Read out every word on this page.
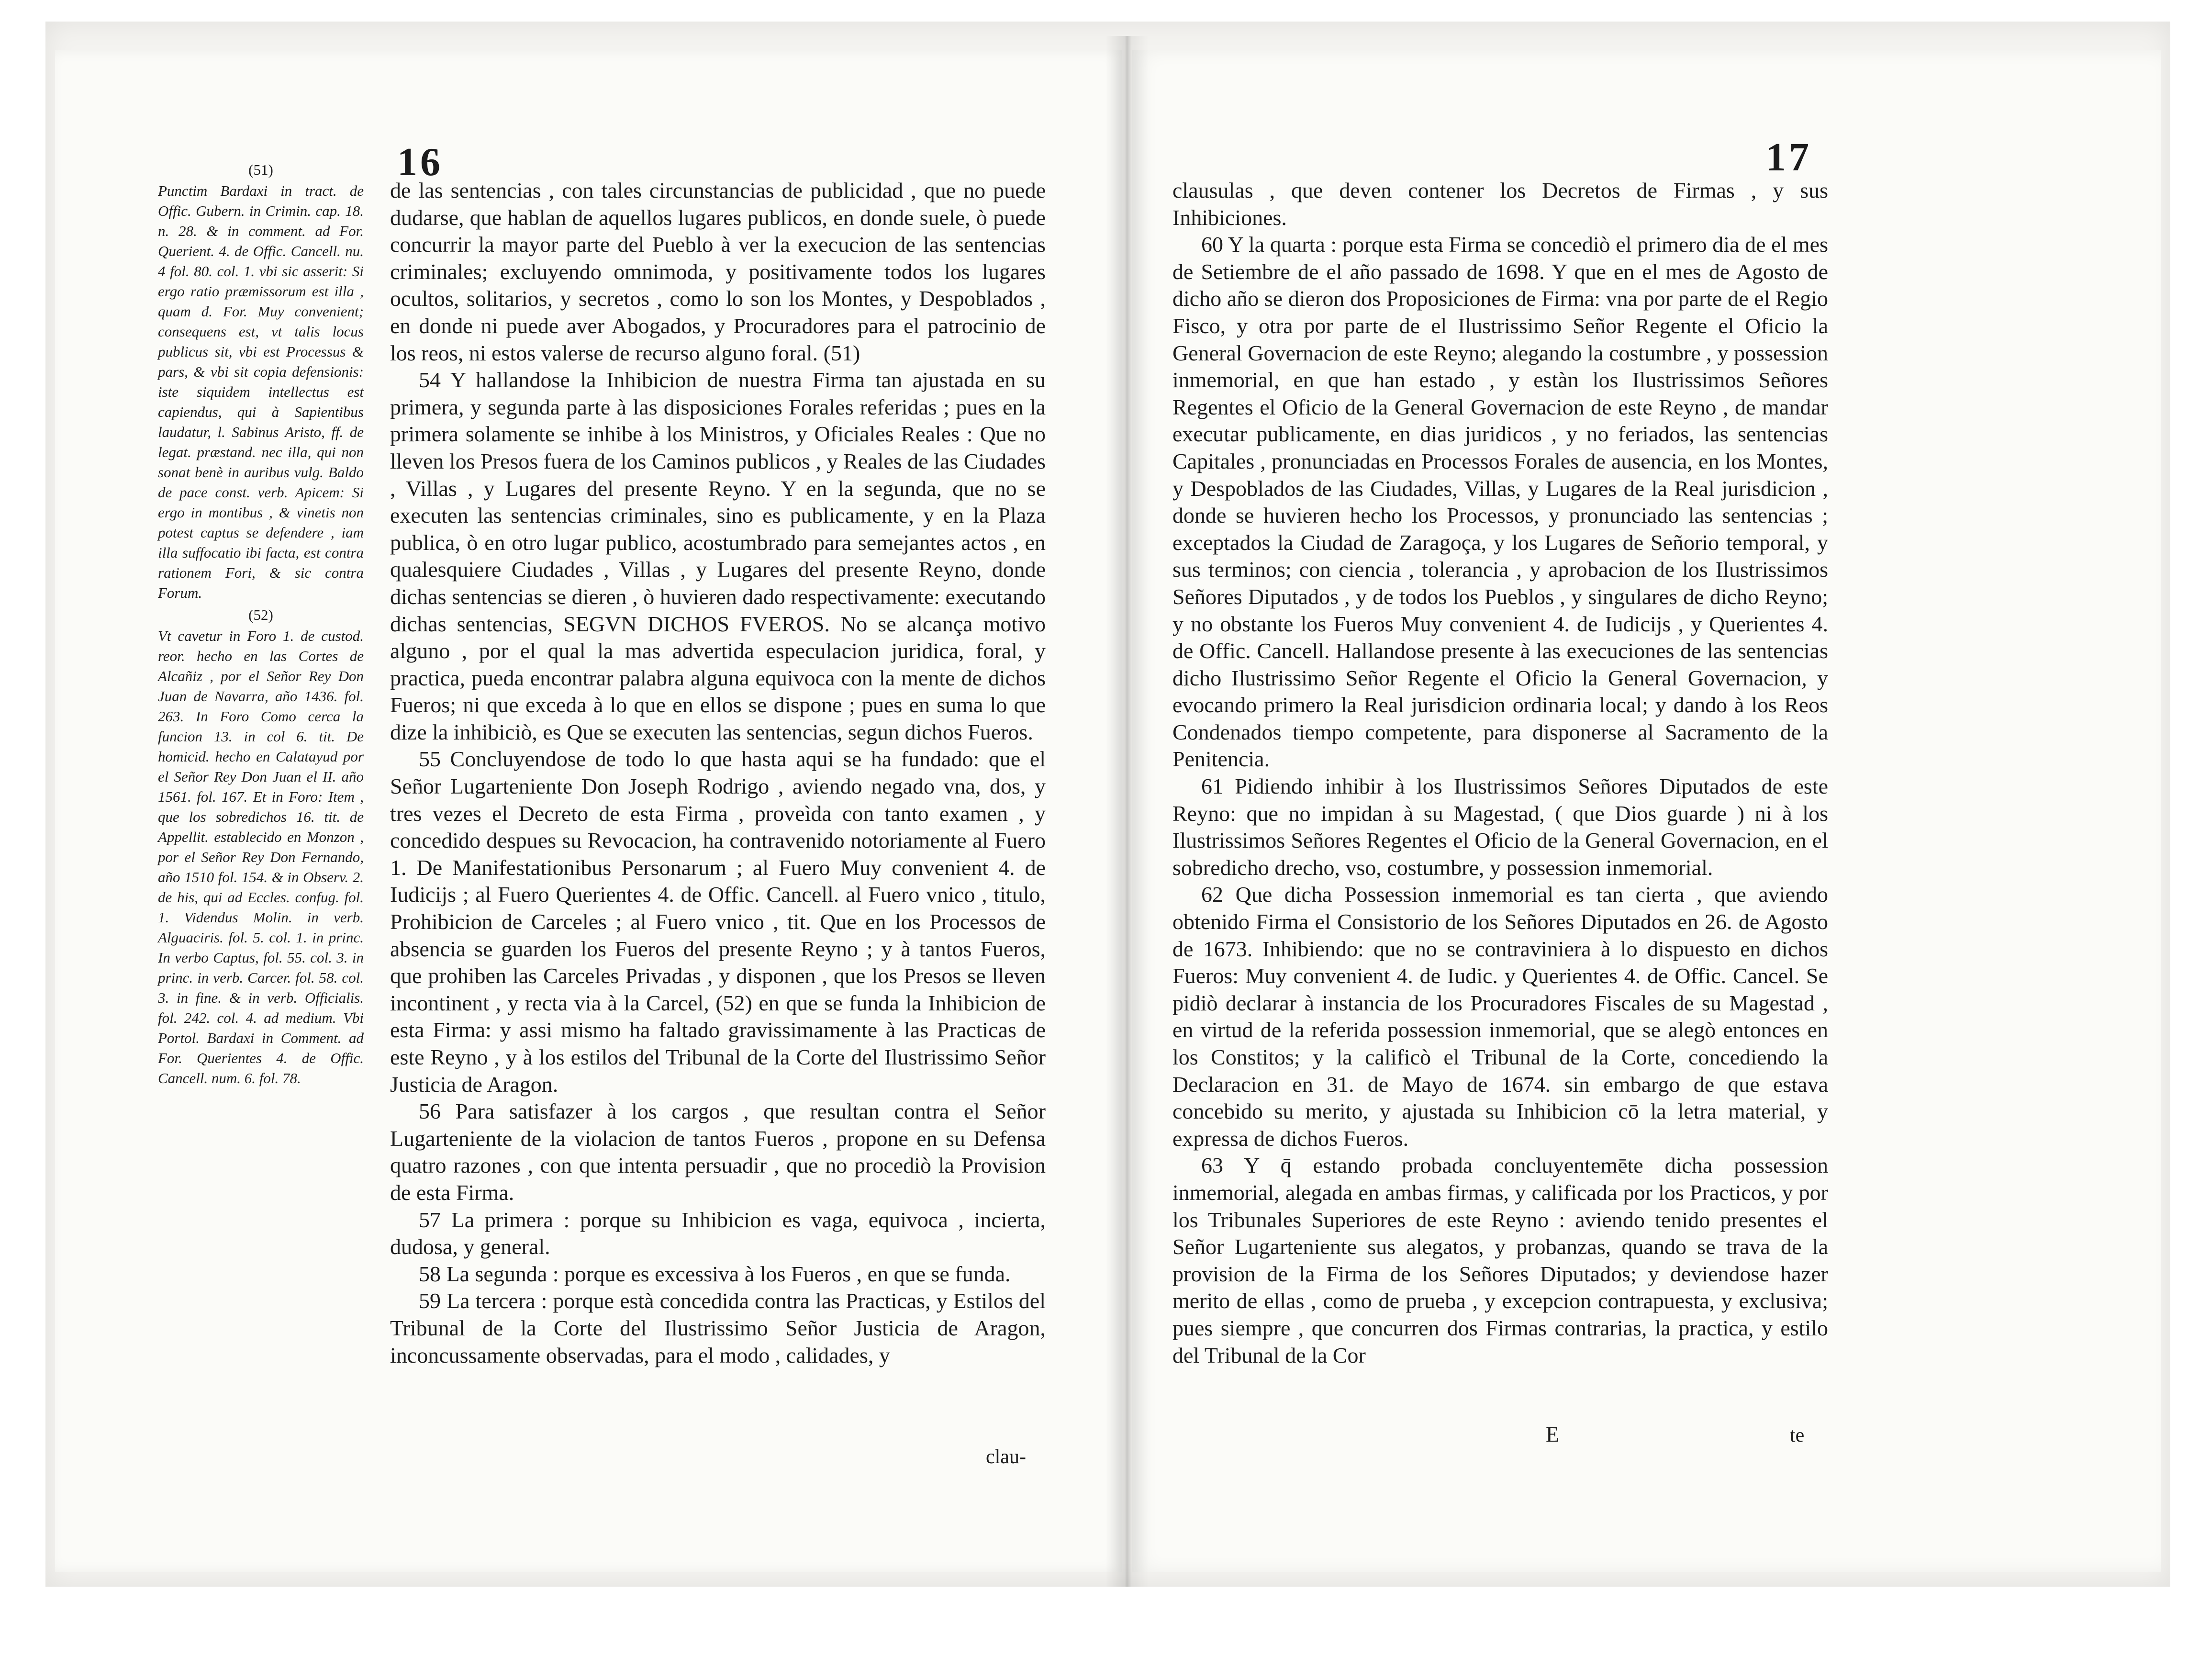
16
(51)

Punctim Bardaxi in tract. de Offic. Gubern. in Crimin. cap. 18. n. 28. & in comment. ad For. Querient. 4. de Offic. Cancell. nu. 4 fol. 80. col. 1. vbi sic asserit: Si ergo ratio præmissorum est illa , quam d. For. Muy convenient; consequens est, vt talis locus publicus sit, vbi est Processus & pars, & vbi sit copia defensionis: iste siquidem intellectus est capiendus, qui à Sapientibus laudatur, l. Sabinus Aristo, ff. de legat. præstand. nec illa, qui non sonat benè in auribus vulg. Baldo de pace const. verb. Apicem: Si ergo in montibus , & vinetis non potest captus se defendere , iam illa suffocatio ibi facta, est contra rationem Fori, & sic contra Forum.

(52)

Vt cavetur in Foro 1. de custod. reor. hecho en las Cortes de Alcañiz , por el Señor Rey Don Juan de Navarra, año 1436. fol. 263. In Foro Como cerca la funcion 13. in col 6. tit. De homicid. hecho en Calatayud por el Señor Rey Don Juan el II. año 1561. fol. 167. Et in Foro: Item , que los sobredichos 16. tit. de Appellit. establecido en Monzon , por el Señor Rey Don Fernando, año 1510 fol. 154. & in Observ. 2. de his, qui ad Eccles. confug. fol. 1. Videndus Molin. in verb. Alguaciris. fol. 5. col. 1. in princ. In verbo Captus, fol. 55. col. 3. in princ. in verb. Carcer. fol. 58. col. 3. in fine. & in verb. Officialis. fol. 242. col. 4. ad medium. Vbi Portol. Bardaxi in Comment. ad For. Querientes 4. de Offic. Cancell. num. 6. fol. 78.

de las sentencias , con tales circunstancias de publicidad , que no puede dudarse, que hablan de aquellos lugares publicos, en donde suele, ò puede concurrir la mayor parte del Pueblo à ver la execucion de las sentencias criminales; excluyendo omnimoda, y positivamente todos los lugares ocultos, solitarios, y secretos , como lo son los Montes, y Despoblados , en donde ni puede aver Abogados, y Procuradores para el patrocinio de los reos, ni estos valerse de recurso alguno foral. (51)

54 Y hallandose la Inhibicion de nuestra Firma tan ajustada en su primera, y segunda parte à las disposiciones Forales referidas ; pues en la primera solamente se inhibe à los Ministros, y Oficiales Reales : Que no lleven los Presos fuera de los Caminos publicos , y Reales de las Ciudades , Villas , y Lugares del presente Reyno. Y en la segunda, que no se executen las sentencias criminales, sino es publicamente, y en la Plaza publica, ò en otro lugar publico, acostumbrado para semejantes actos , en qualesquiere Ciudades , Villas , y Lugares del presente Reyno, donde dichas sentencias se dieren , ò huvieren dado respectivamente: executando dichas sentencias, SEGVN DICHOS FVEROS. No se alcança motivo alguno , por el qual la mas advertida especulacion juridica, foral, y practica, pueda encontrar palabra alguna equivoca con la mente de dichos Fueros; ni que exceda à lo que en ellos se dispone ; pues en suma lo que dize la inhibiciò, es Que se executen las sentencias, segun dichos Fueros.

55 Concluyendose de todo lo que hasta aqui se ha fundado: que el Señor Lugarteniente Don Joseph Rodrigo , aviendo negado vna, dos, y tres vezes el Decreto de esta Firma , proveìda con tanto examen , y concedido despues su Revocacion, ha contravenido notoriamente al Fuero 1. De Manifestationibus Personarum ; al Fuero Muy convenient 4. de Iudicijs ; al Fuero Querientes 4. de Offic. Cancell. al Fuero vnico , titulo, Prohibicion de Carceles ; al Fuero vnico , tit. Que en los Processos de absencia se guarden los Fueros del presente Reyno ; y à tantos Fueros, que prohiben las Carceles Privadas , y disponen , que los Presos se lleven incontinent , y recta via à la Carcel, (52) en que se funda la Inhibicion de esta Firma: y assi mismo ha faltado gravissimamente à las Practicas de este Reyno , y à los estilos del Tribunal de la Corte del Ilustrissimo Señor Justicia de Aragon.

56 Para satisfazer à los cargos , que resultan contra el Señor Lugarteniente de la violacion de tantos Fueros , propone en su Defensa quatro razones , con que intenta persuadir , que no procediò la Provision de esta Firma.

57 La primera : porque su Inhibicion es vaga, equivoca , incierta, dudosa, y general.

58 La segunda : porque es excessiva à los Fueros , en que se funda.

59 La tercera : porque està concedida contra las Practicas, y Estilos del Tribunal de la Corte del Ilustrissimo Señor Justicia de Aragon, inconcussamente observadas, para el modo , calidades, y

clau-
17

clausulas , que deven contener los Decretos de Firmas , y sus Inhibiciones.

60 Y la quarta : porque esta Firma se concediò el primero dia de el mes de Setiembre de el año passado de 1698. Y que en el mes de Agosto de dicho año se dieron dos Proposiciones de Firma: vna por parte de el Regio Fisco, y otra por parte de el Ilustrissimo Señor Regente el Oficio la General Governacion de este Reyno; alegando la costumbre , y possession inmemorial, en que han estado , y estàn los Ilustrissimos Señores Regentes el Oficio de la General Governacion de este Reyno , de mandar executar publicamente, en dias juridicos , y no feriados, las sentencias Capitales , pronunciadas en Processos Forales de ausencia, en los Montes, y Despoblados de las Ciudades, Villas, y Lugares de la Real jurisdicion , donde se huvieren hecho los Processos, y pronunciado las sentencias ; exceptados la Ciudad de Zaragoça, y los Lugares de Señorio temporal, y sus terminos; con ciencia , tolerancia , y aprobacion de los Ilustrissimos Señores Diputados , y de todos los Pueblos , y singulares de dicho Reyno; y no obstante los Fueros Muy convenient 4. de Iudicijs , y Querientes 4. de Offic. Cancell. Hallandose presente à las execuciones de las sentencias dicho Ilustrissimo Señor Regente el Oficio la General Governacion, y evocando primero la Real jurisdicion ordinaria local; y dando à los Reos Condenados tiempo competente, para disponerse al Sacramento de la Penitencia.

61 Pidiendo inhibir à los Ilustrissimos Señores Diputados de este Reyno: que no impidan à su Magestad, ( que Dios guarde ) ni à los Ilustrissimos Señores Regentes el Oficio de la General Governacion, en el sobredicho drecho, vso, costumbre, y possession inmemorial.

62 Que dicha Possession inmemorial es tan cierta , que aviendo obtenido Firma el Consistorio de los Señores Diputados en 26. de Agosto de 1673. Inhibiendo: que no se contraviniera à lo dispuesto en dichos Fueros: Muy convenient 4. de Iudic. y Querientes 4. de Offic. Cancel. Se pidiò declarar à instancia de los Procuradores Fiscales de su Magestad , en virtud de la referida possession inmemorial, que se alegò entonces en los Constitos; y la calificò el Tribunal de la Corte, concediendo la Declaracion en 31. de Mayo de 1674. sin embargo de que estava concebido su merito, y ajustada su Inhibicion cō la letra material, y expressa de dichos Fueros.

63 Y q̄ estando probada concluyentemēte dicha possession inmemorial, alegada en ambas firmas, y calificada por los Practicos, y por los Tribunales Superiores de este Reyno : aviendo tenido presentes el Señor Lugarteniente sus alegatos, y probanzas, quando se trava de la provision de la Firma de los Señores Diputados; y deviendose hazer merito de ellas , como de prueba , y excepcion contrapuesta, y exclusiva; pues siempre , que concurren dos Firmas contrarias, la practica, y estilo del Tribunal de la Cor

E	te
